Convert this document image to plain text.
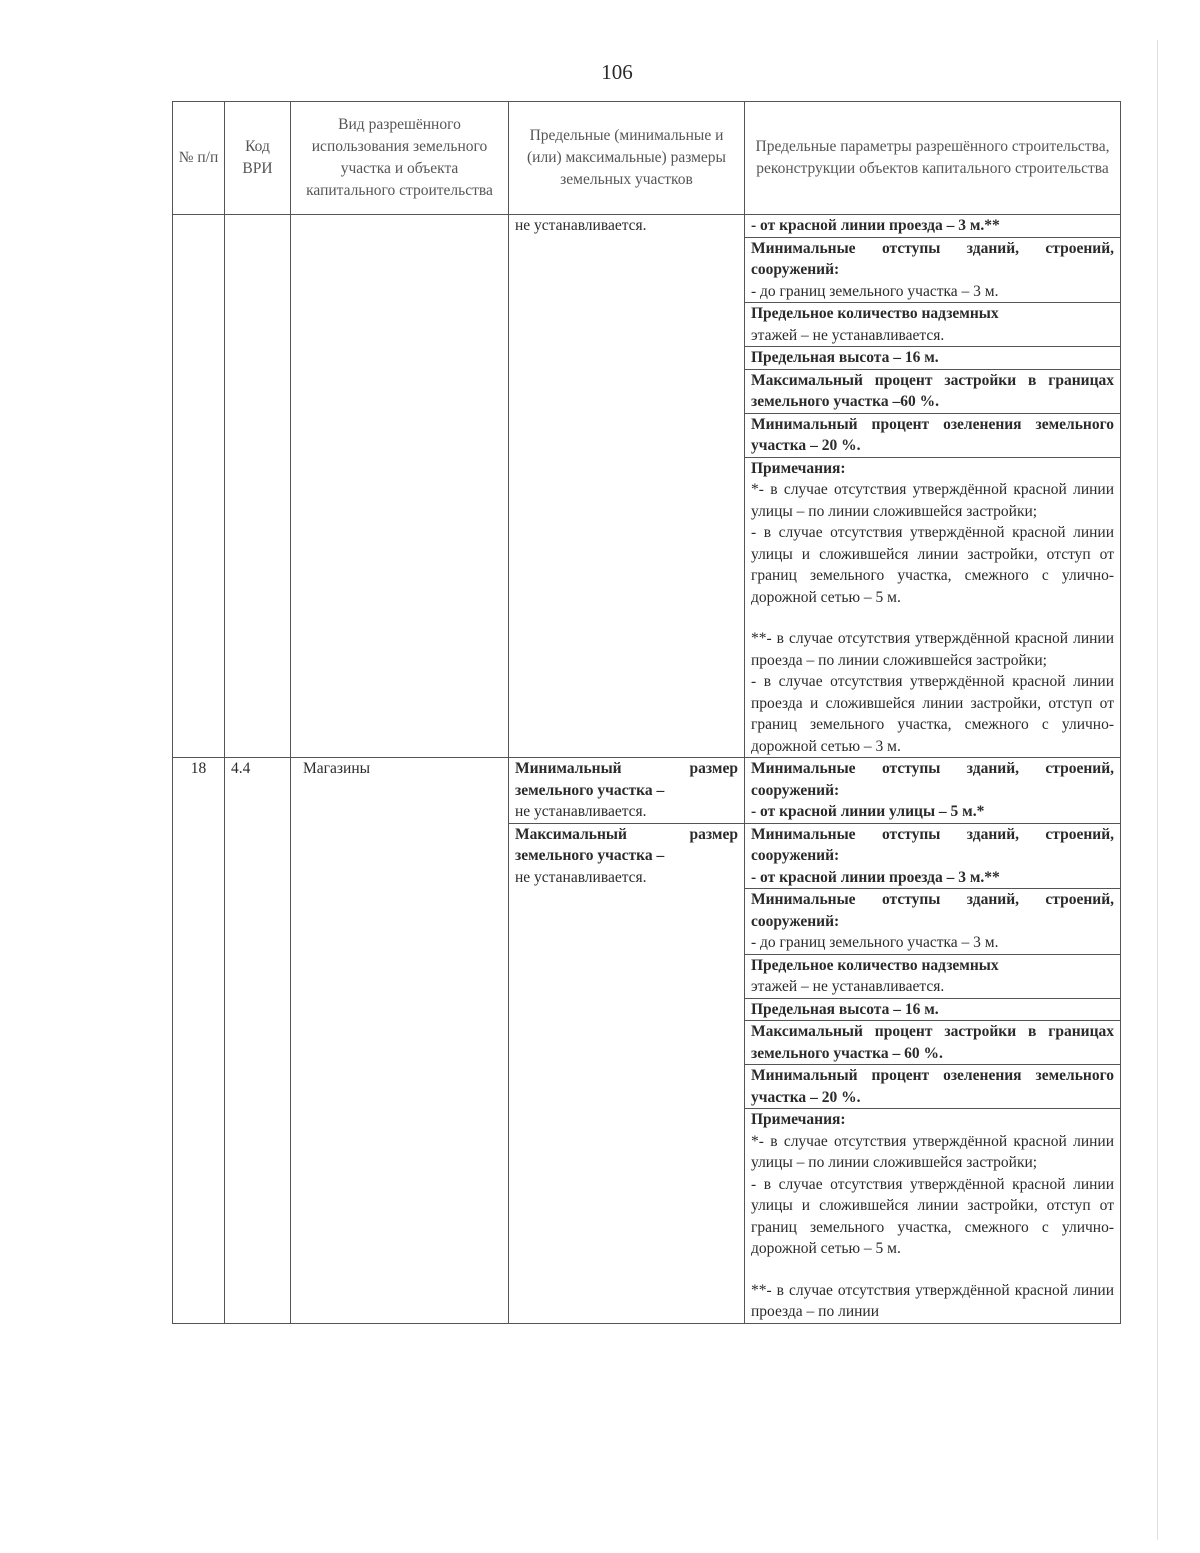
106
№ п/п	Код ВРИ	Вид разрешённого использования земельного участка и объекта капитального строительства	Предельные (минимальные и (или) максимальные) размеры земельных участков	Предельные параметры разрешённого строительства, реконструкции объектов капитального строительства
			не устанавливается.	- от красной линии проезда – 3 м.**
				Минимальные отступы зданий, строений, сооружений:
- до границ земельного участка – 3 м.
				Предельное количество надземных
этажей – не устанавливается.
				Предельная высота – 16 м.
				Максимальный процент застройки в границах земельного участка –60 %.
				Минимальный процент озеленения земельного участка – 20 %.

				Примечания:
*- в случае отсутствия утверждённой красной линии улицы – по линии сложившейся застройки;
- в случае отсутствия утверждённой красной линии улицы и сложившейся линии застройки, отступ от границ земельного участка, смежного с улично-дорожной сетью – 5 м.
**- в случае отсутствия утверждённой красной линии проезда – по линии сложившейся застройки;
- в случае отсутствия утверждённой красной линии проезда и сложившейся линии застройки, отступ от границ земельного участка, смежного с улично-дорожной сетью – 3 м.

18	4.4	Магазины	Минимальный размер земельного участка –
не устанавливается.	Минимальные отступы зданий, строений, сооружений:
- от красной линии улицы – 5 м.*
			Максимальный размер земельного участка –
не устанавливается.	Минимальные отступы зданий, строений, сооружений:
- от красной линии проезда – 3 м.**
				Минимальные отступы зданий, строений, сооружений:
- до границ земельного участка – 3 м.
				Предельное количество надземных
этажей – не устанавливается.
				Предельная высота – 16 м.
				Максимальный процент застройки в границах земельного участка – 60 %.
				Минимальный процент озеленения земельного участка – 20 %.

				Примечания:
*- в случае отсутствия утверждённой красной линии улицы – по линии сложившейся застройки;
- в случае отсутствия утверждённой красной линии улицы и сложившейся линии застройки, отступ от границ земельного участка, смежного с улично-дорожной сетью – 5 м.
**- в случае отсутствия утверждённой красной линии проезда – по линии
